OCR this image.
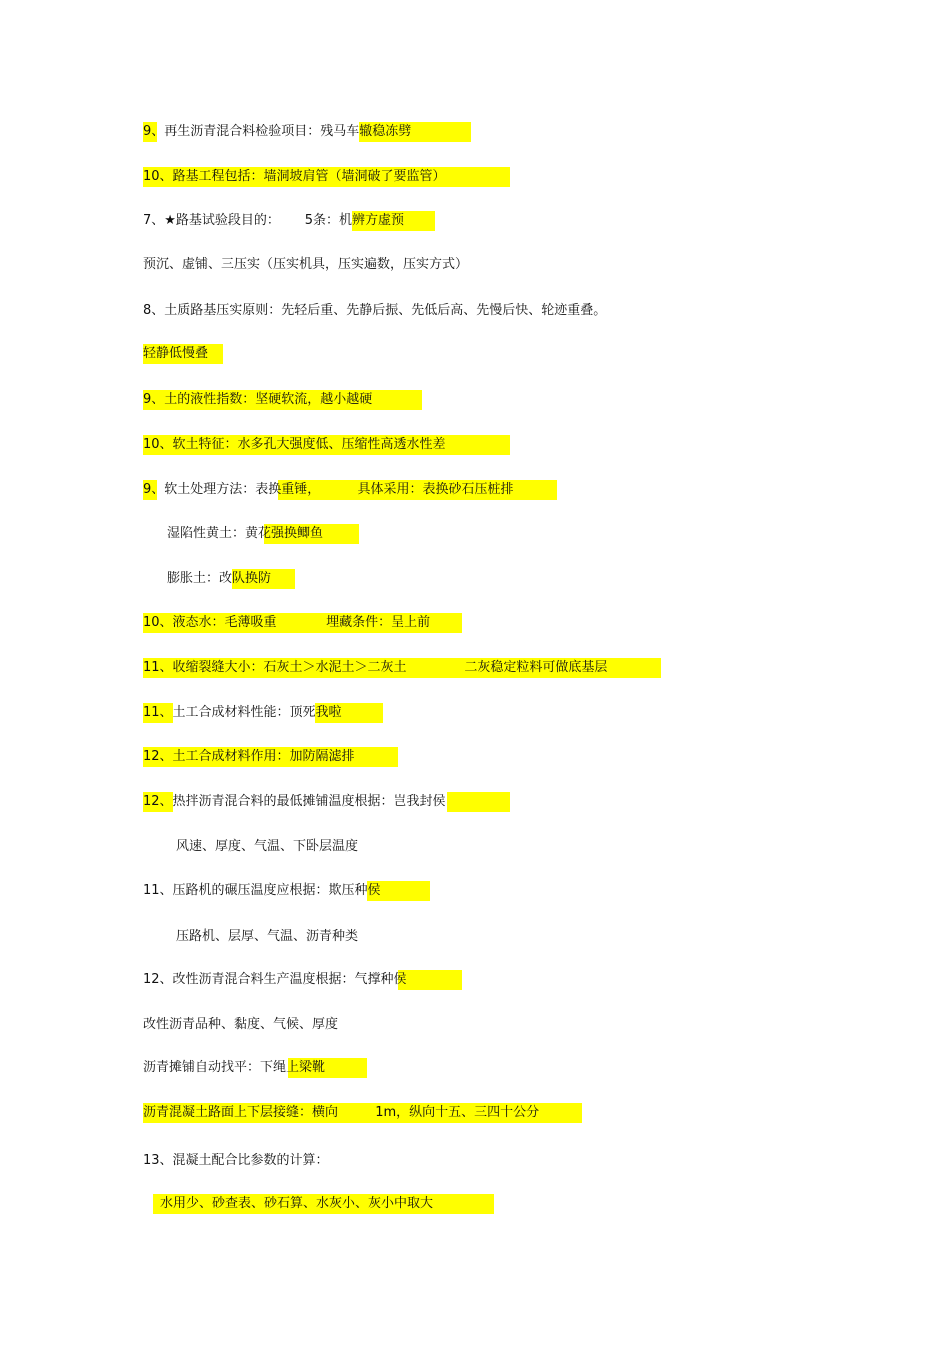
9、再生沥青混合料检验项目：残马车辙稳冻劈
10、路基工程包括：墙洞坡肩管（墙洞破了要监管）
7、★路基试验段目的：      5条：机辨方虚预
预沉、虚铺、三压实（压实机具，压实遍数，压实方式）
8、土质路基压实原则：先轻后重、先静后振、先低后高、先慢后快、轮迹重叠。
轻静低慢叠
9、土的液性指数：坚硬软流，越小越硬
10、软土特征：水多孔大强度低、压缩性高透水性差
9、软土处理方法：表换重锤，         具体采用：表换砂石压桩排
湿陷性黄土：黄花强换鲫鱼
膨胀土：改队换防
10、液态水：毛薄吸重            埋藏条件：呈上前
11、收缩裂缝大小：石灰土＞水泥土＞二灰土              二灰稳定粒料可做底基层
11、土工合成材料性能：顶死我啦
12、土工合成材料作用：加防隔滤排
12、热拌沥青混合料的最低摊铺温度根据：岂我封侯
风速、厚度、气温、下卧层温度
11、压路机的碾压温度应根据：欺压种侯
压路机、层厚、气温、沥青种类
12、改性沥青混合料生产温度根据：气撑种侯
改性沥青品种、黏度、气候、厚度
沥青摊铺自动找平：下绳上梁靴
沥青混凝土路面上下层接缝：横向         1m，纵向十五、三四十公分
13、混凝土配合比参数的计算：
水用少、砂查表、砂石算、水灰小、灰小中取大
